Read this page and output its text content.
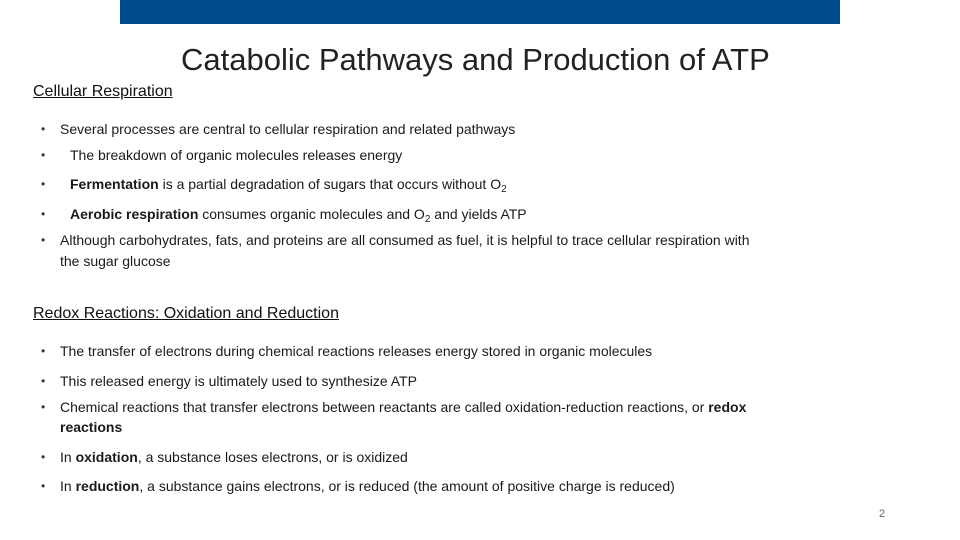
Catabolic Pathways and Production of ATP
Cellular Respiration
• Several processes are central to cellular respiration and related pathways
• The breakdown of organic molecules releases energy
• Fermentation is a partial degradation of sugars that occurs without $O_2$
• Aerobic respiration consumes organic molecules and $O_2$ and yields ATP
• Although carbohydrates, fats, and proteins are all consumed as fuel, it is helpful to trace cellular respiration with
the sugar glucose
Redox Reactions: Oxidation and Reduction
• The transfer of electrons during chemical reactions releases energy stored in organic molecules
• This released energy is ultimately used to synthesize ATP
• Chemical reactions that transfer electrons between reactants are called oxidation-reduction reactions, or redox
reactions
• In oxidation, a substance loses electrons, or is oxidized
• In reduction, a substance gains electrons, or is reduced (the amount of positive charge is reduced)
2
